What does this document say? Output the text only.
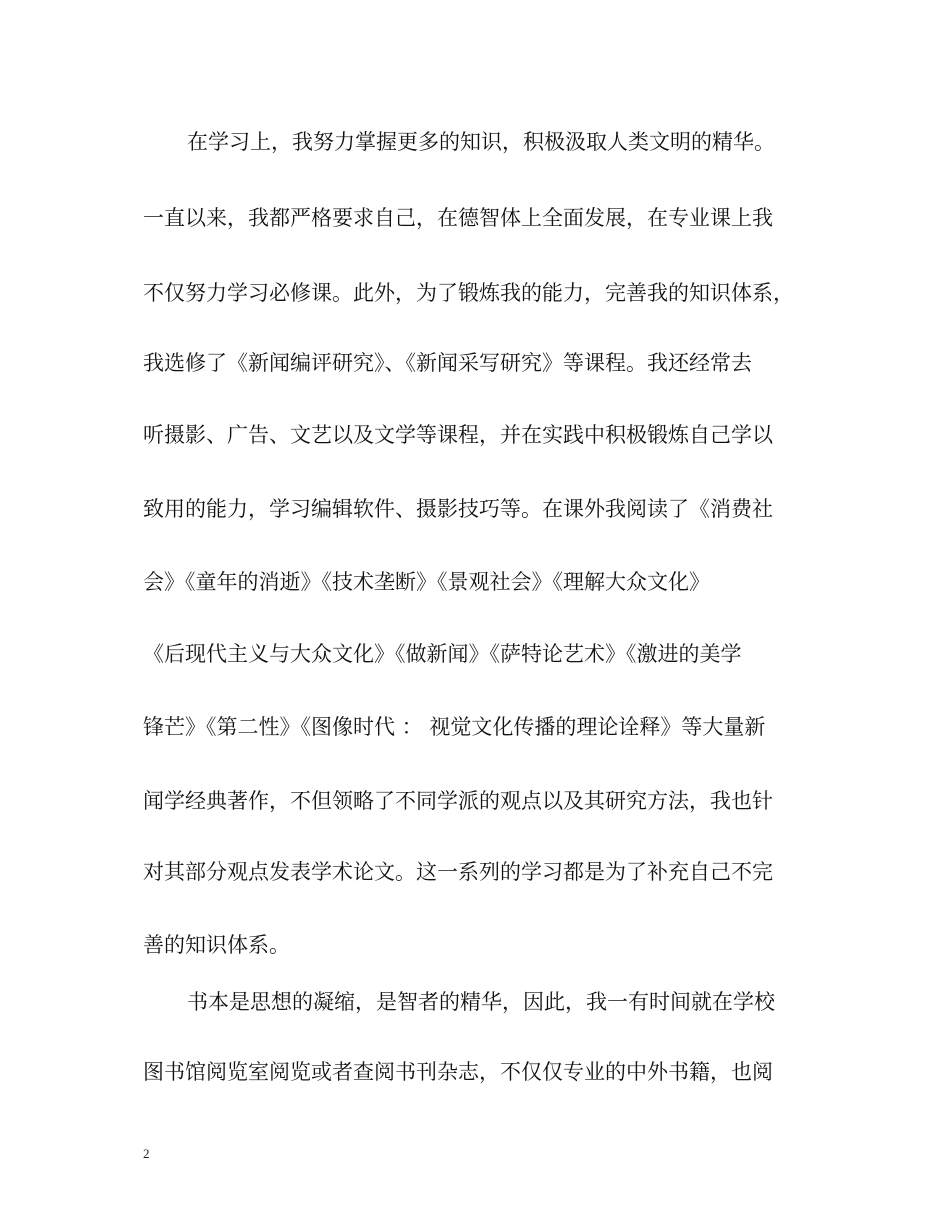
在学习上，我努力掌握更多的知识，积极汲取人类文明的精华。
一直以来，我都严格要求自己，在德智体上全面发展，在专业课上我
不仅努力学习必修课。此外，为了锻炼我的能力，完善我的知识体系，
我选修了《新闻编评研究》、《新闻采写研究》等课程。我还经常去
听摄影、广告、文艺以及文学等课程，并在实践中积极锻炼自己学以
致用的能力，学习编辑软件、摄影技巧等。在课外我阅读了《消费社
会》《童年的消逝》《技术垄断》《景观社会》《理解大众文化》
《后现代主义与大众文化》《做新闻》《萨特论艺术》《激进的美学
锋芒》《第二性》《图像时代 ： 视觉文化传播的理论诠释》等大量新
闻学经典著作，不但领略了不同学派的观点以及其研究方法，我也针
对其部分观点发表学术论文。这一系列的学习都是为了补充自己不完
善的知识体系。
书本是思想的凝缩，是智者的精华，因此，我一有时间就在学校
图书馆阅览室阅览或者查阅书刊杂志，不仅仅专业的中外书籍，也阅
2
